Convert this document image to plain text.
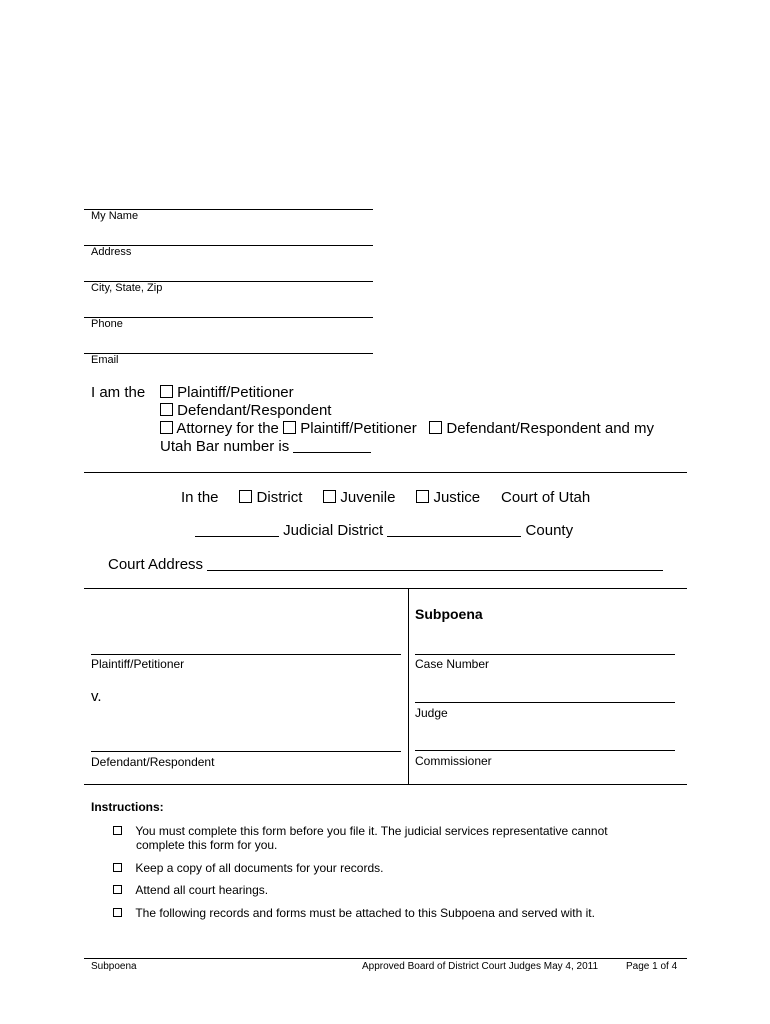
My Name
Address
City, State, Zip
Phone
Email
I am the	Plaintiff/Petitioner
Defendant/Respondent
Attorney for the Plaintiff/Petitioner Defendant/Respondent and my
Utah Bar number is
In the	District	Juvenile	Justice Court of Utah
Judicial District	County
Court Address
Subpoena
Plaintiff/Petitioner
v.
Defendant/Respondent
Case Number
Judge
Commissioner
Instructions:
You must complete this form before you file it. The judicial services representative cannot
complete this form for you.
Keep a copy of all documents for your records.
Attend all court hearings.
The following records and forms must be attached to this Subpoena and served with it.
Subpoena	Approved Board of District Court Judges May 4, 2011	Page 1 of 4
